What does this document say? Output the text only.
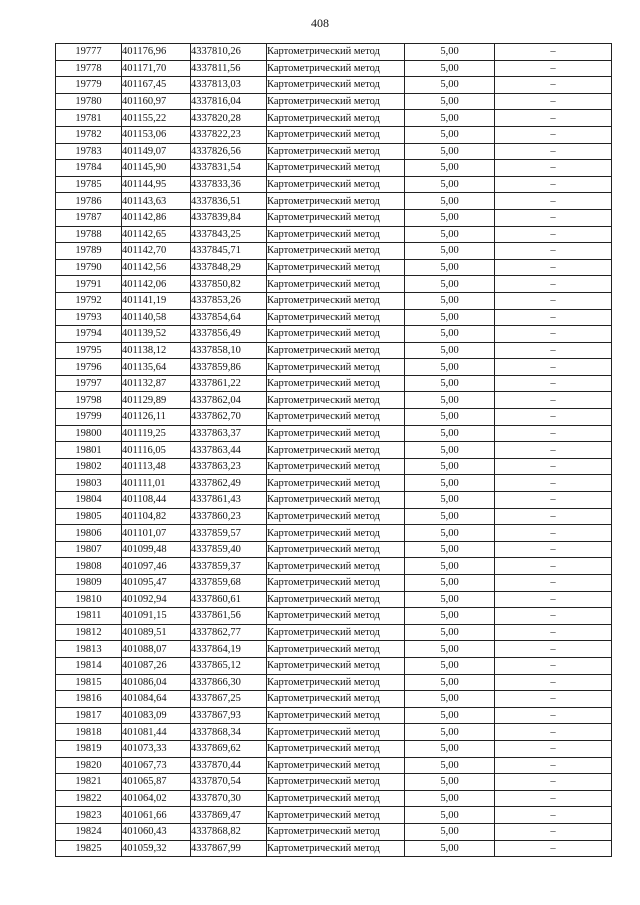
408
19777	401176,96	4337810,26	Картометрический метод	5,00	–
19778	401171,70	4337811,56	Картометрический метод	5,00	–
19779	401167,45	4337813,03	Картометрический метод	5,00	–
19780	401160,97	4337816,04	Картометрический метод	5,00	–
19781	401155,22	4337820,28	Картометрический метод	5,00	–
19782	401153,06	4337822,23	Картометрический метод	5,00	–
19783	401149,07	4337826,56	Картометрический метод	5,00	–
19784	401145,90	4337831,54	Картометрический метод	5,00	–
19785	401144,95	4337833,36	Картометрический метод	5,00	–
19786	401143,63	4337836,51	Картометрический метод	5,00	–
19787	401142,86	4337839,84	Картометрический метод	5,00	–
19788	401142,65	4337843,25	Картометрический метод	5,00	–
19789	401142,70	4337845,71	Картометрический метод	5,00	–
19790	401142,56	4337848,29	Картометрический метод	5,00	–
19791	401142,06	4337850,82	Картометрический метод	5,00	–
19792	401141,19	4337853,26	Картометрический метод	5,00	–
19793	401140,58	4337854,64	Картометрический метод	5,00	–
19794	401139,52	4337856,49	Картометрический метод	5,00	–
19795	401138,12	4337858,10	Картометрический метод	5,00	–
19796	401135,64	4337859,86	Картометрический метод	5,00	–
19797	401132,87	4337861,22	Картометрический метод	5,00	–
19798	401129,89	4337862,04	Картометрический метод	5,00	–
19799	401126,11	4337862,70	Картометрический метод	5,00	–
19800	401119,25	4337863,37	Картометрический метод	5,00	–
19801	401116,05	4337863,44	Картометрический метод	5,00	–
19802	401113,48	4337863,23	Картометрический метод	5,00	–
19803	401111,01	4337862,49	Картометрический метод	5,00	–
19804	401108,44	4337861,43	Картометрический метод	5,00	–
19805	401104,82	4337860,23	Картометрический метод	5,00	–
19806	401101,07	4337859,57	Картометрический метод	5,00	–
19807	401099,48	4337859,40	Картометрический метод	5,00	–
19808	401097,46	4337859,37	Картометрический метод	5,00	–
19809	401095,47	4337859,68	Картометрический метод	5,00	–
19810	401092,94	4337860,61	Картометрический метод	5,00	–
19811	401091,15	4337861,56	Картометрический метод	5,00	–
19812	401089,51	4337862,77	Картометрический метод	5,00	–
19813	401088,07	4337864,19	Картометрический метод	5,00	–
19814	401087,26	4337865,12	Картометрический метод	5,00	–
19815	401086,04	4337866,30	Картометрический метод	5,00	–
19816	401084,64	4337867,25	Картометрический метод	5,00	–
19817	401083,09	4337867,93	Картометрический метод	5,00	–
19818	401081,44	4337868,34	Картометрический метод	5,00	–
19819	401073,33	4337869,62	Картометрический метод	5,00	–
19820	401067,73	4337870,44	Картометрический метод	5,00	–
19821	401065,87	4337870,54	Картометрический метод	5,00	–
19822	401064,02	4337870,30	Картометрический метод	5,00	–
19823	401061,66	4337869,47	Картометрический метод	5,00	–
19824	401060,43	4337868,82	Картометрический метод	5,00	–
19825	401059,32	4337867,99	Картометрический метод	5,00	–
